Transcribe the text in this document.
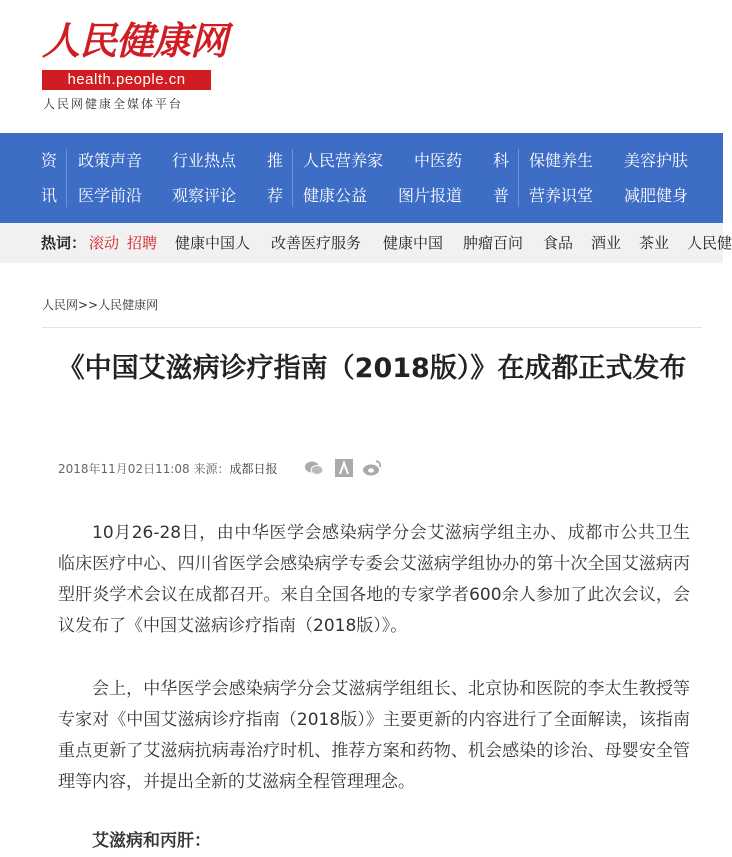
人民健康网
health.people.cn
人民网健康全媒体平台
资
讯
政策声音 行业热点
医学前沿 观察评论
推
荐
人民营养家 中医药
健康公益 图片报道
科
普
保健养生 美容护肤
营养识堂 减肥健身
热词： 滚动 招聘 健康中国人 改善医疗服务 健康中国 肿瘤百问 食品 酒业 茶业 人民健
人民网>>人民健康网
《中国艾滋病诊疗指南（2018版）》在成都正式发布
2018年11月02日11:08 来源：成都日报

10月26-28日，由中华医学会感染病学分会艾滋病学组主办、成都市公共卫生临床医疗中心、四川省医学会感染病学专委会艾滋病学组协办的第十次全国艾滋病丙型肝炎学术会议在成都召开。来自全国各地的专家学者600余人参加了此次会议，会议发布了《中国艾滋病诊疗指南（2018版）》。

会上，中华医学会感染病学分会艾滋病学组组长、北京协和医院的李太生教授等专家对《中国艾滋病诊疗指南（2018版）》主要更新的内容进行了全面解读，该指南重点更新了艾滋病抗病毒治疗时机、推荐方案和药物、机会感染的诊治、母婴安全管理等内容，并提出全新的艾滋病全程管理理念。

艾滋病和丙肝：
